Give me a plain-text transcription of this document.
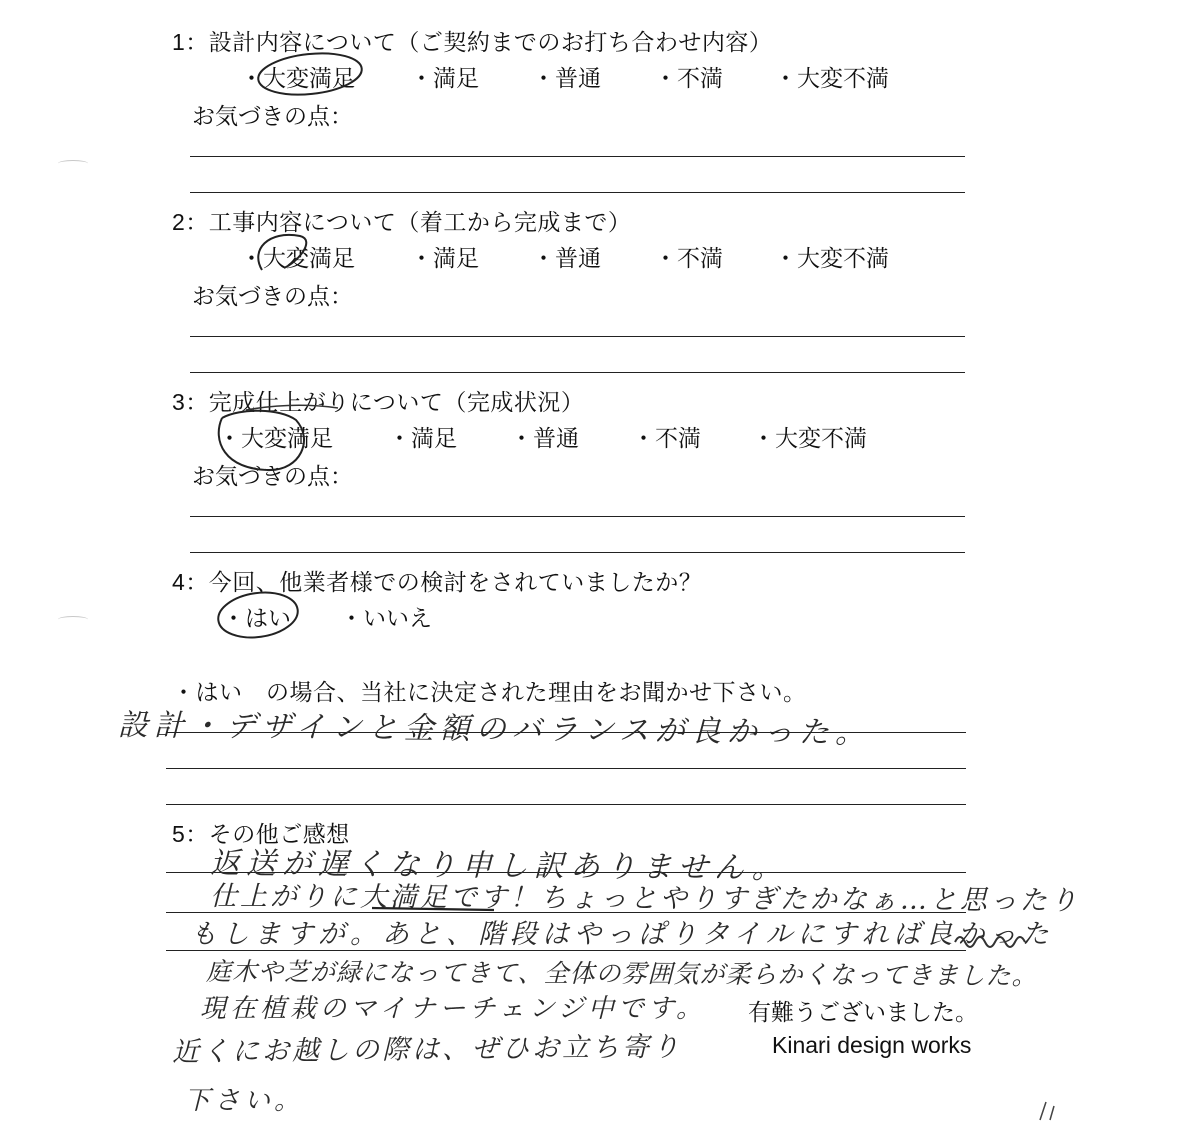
1：設計内容について（ご契約までのお打ち合わせ内容）
・大変満足 ・満足 ・普通 ・不満 ・大変不満
お気づきの点：
2：工事内容について（着工から完成まで）
・大変満足 ・満足 ・普通 ・不満 ・大変不満
お気づきの点：
3：完成仕上がりについて（完成状況）
・大変満足 ・満足 ・普通 ・不満 ・大変不満
お気づきの点：
4：今回、他業者様での検討をされていましたか？
・はい ・いいえ
・はい　の場合、当社に決定された理由をお聞かせ下さい。
設計・デザインと金額のバランスが良かった。
5：その他ご感想
返送が遅くなり申し訳ありません。
仕上がりに大満足です！ちょっとやりすぎたかなぁ…と思ったり
もしますが。あと、階段はやっぱりタイルにすれば良かった
庭木や芝が緑になってきて、全体の雰囲気が柔らかくなってきました。
現在植栽のマイナーチェンジ中です。
近くにお越しの際は、ぜひお立ち寄り
下さい。
有難うございました。
Kinari design works
